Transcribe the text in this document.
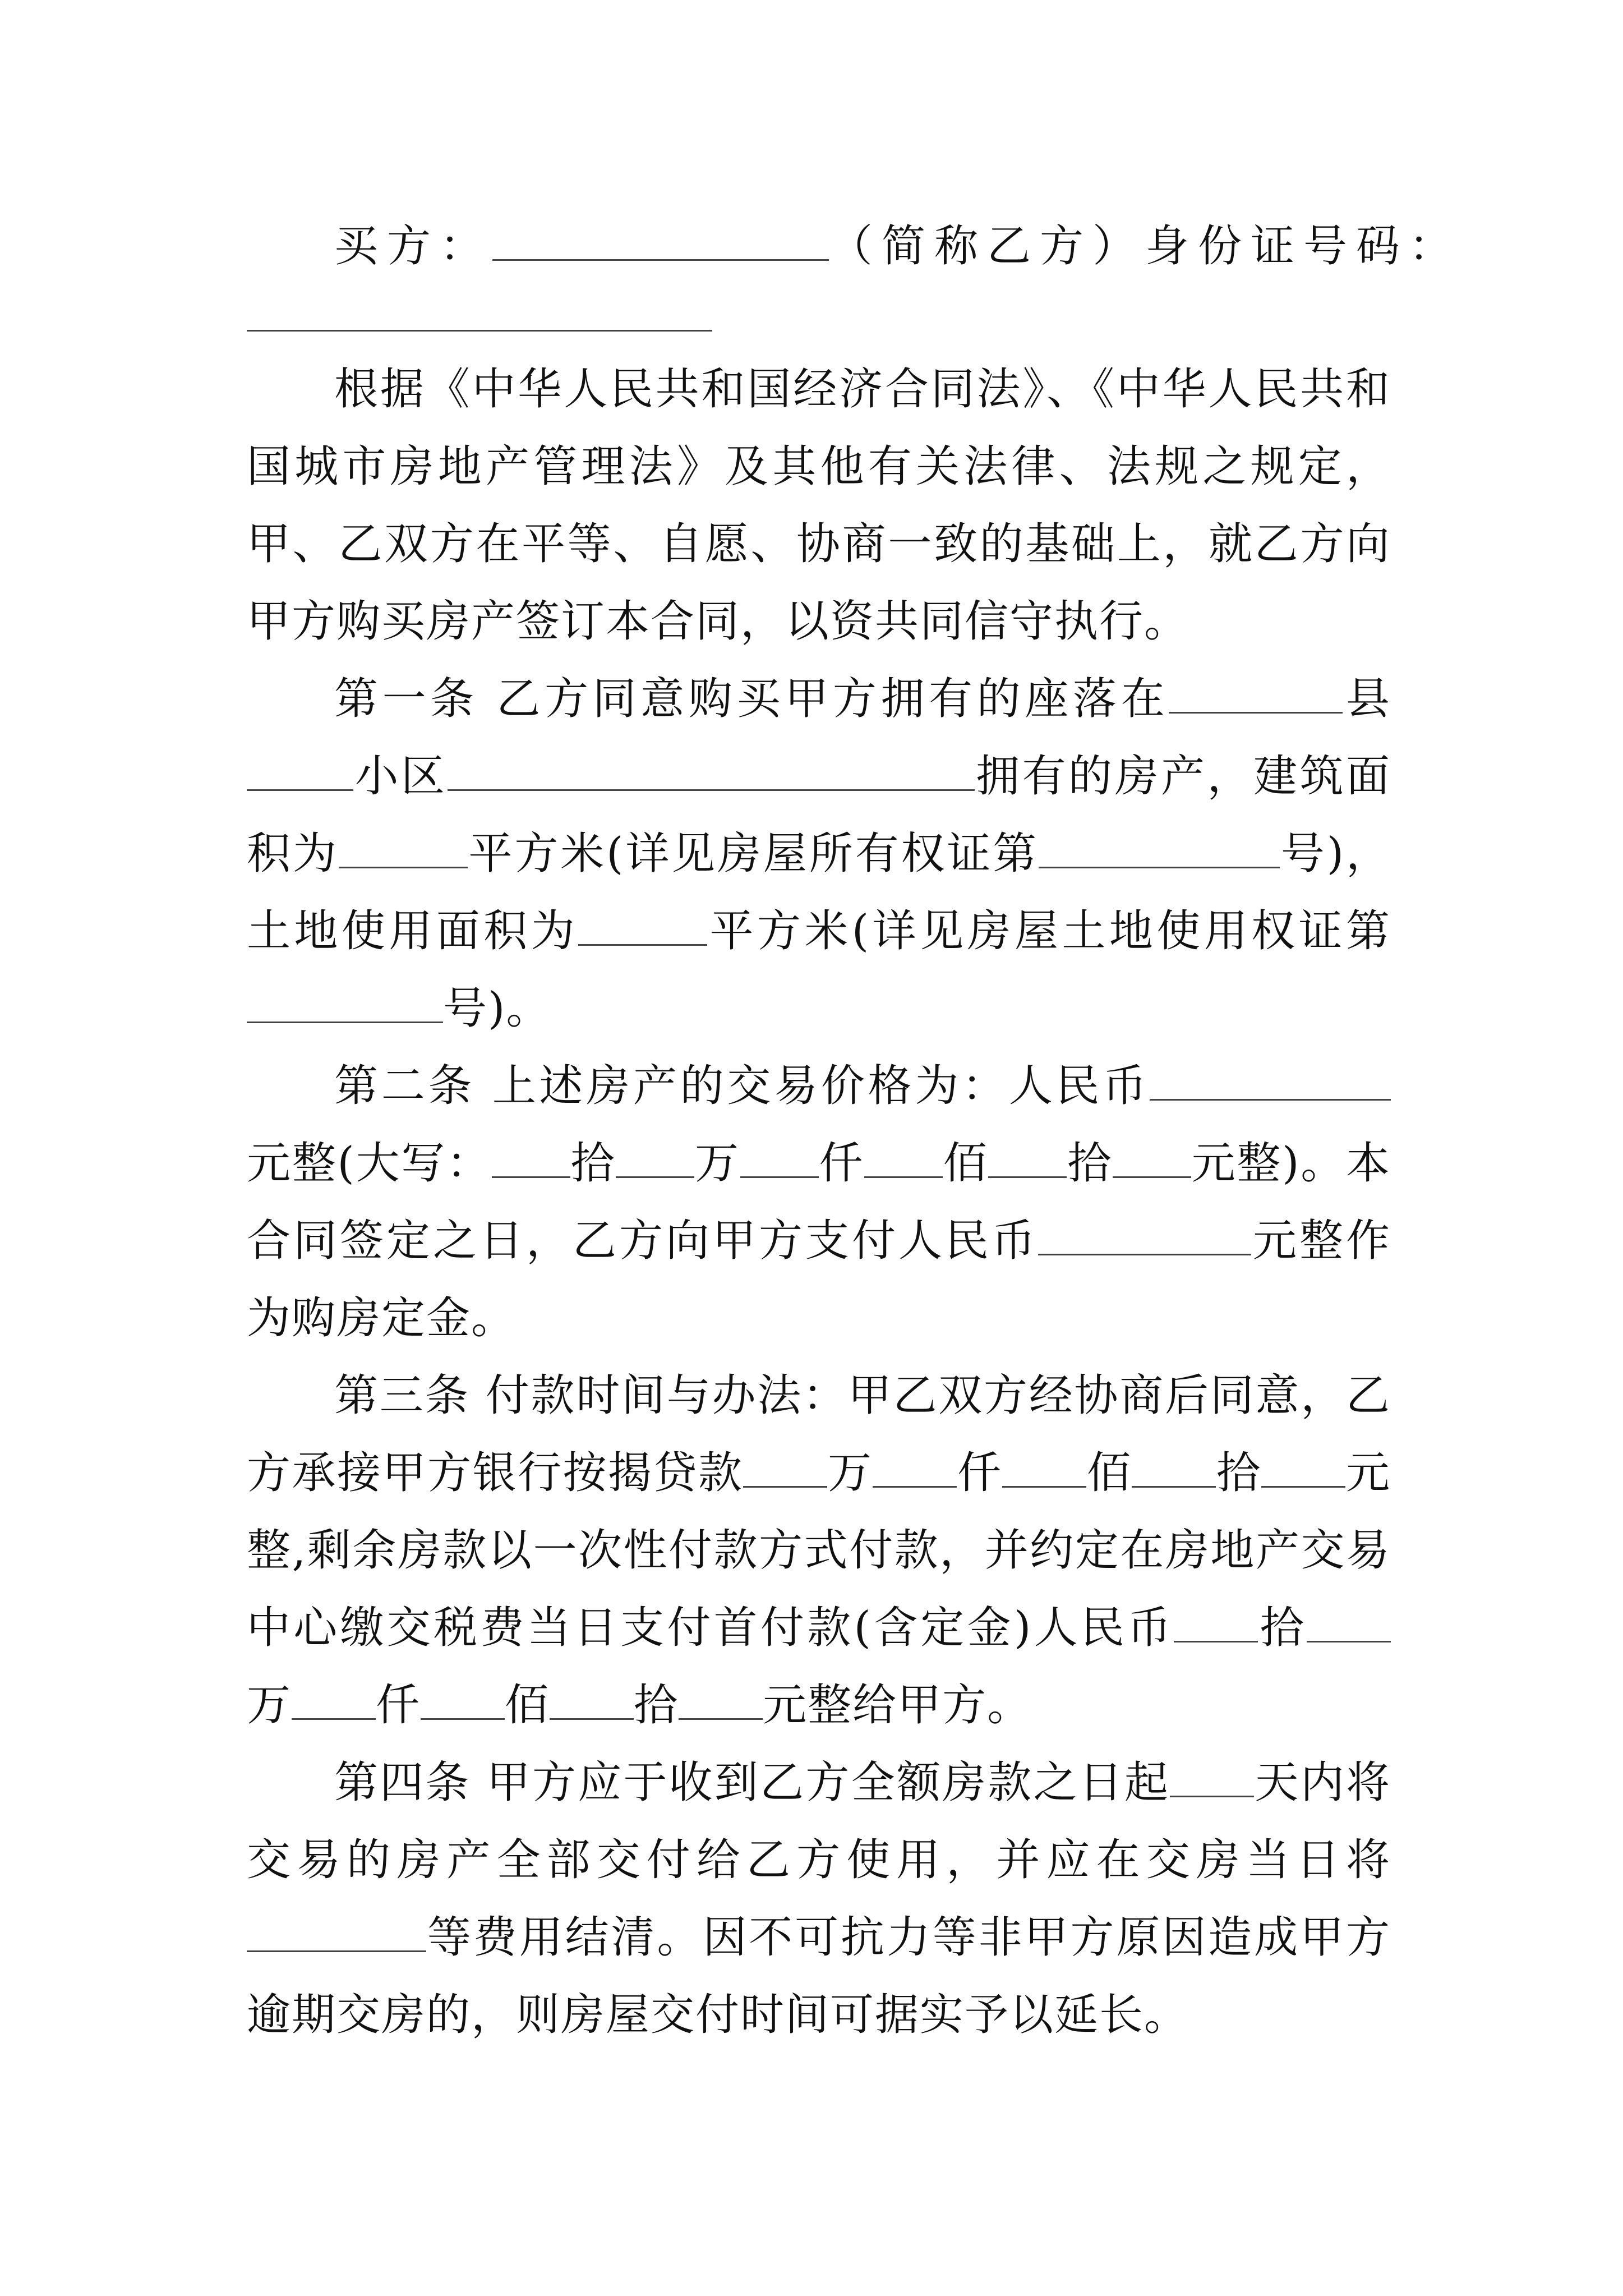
买方：	（简称乙方）身份证号码：

根据《中华人民共和国经济合同法》、《中华人民共和国城市房地产管理法》及其他有关法律、法规之规定，甲、乙双方在平等、自愿、协商一致的基础上，就乙方向甲方购买房产签订本合同，以资共同信守执行。

第一条 乙方同意购买甲方拥有的座落在	县小区	拥有的房产，建筑面积为	平方米(详见房屋所有权证第	号)，土地使用面积为	平方米(详见房屋土地使用权证第号)。

第二条 上述房产的交易价格为：人民币元整(大写： 拾 万 仟 佰 拾 元整)。本合同签定之日，乙方向甲方支付人民币	元整作为购房定金。

第三条 付款时间与办法：甲乙双方经协商后同意，乙方承接甲方银行按揭贷款 万 仟 佰 拾 元整,剩余房款以一次性付款方式付款，并约定在房地产交易中心缴交税费当日支付首付款(含定金)人民币 拾万 仟 佰 拾 元整给甲方。

第四条 甲方应于收到乙方全额房款之日起 天内将交易的房产全部交付给乙方使用，并应在交房当日将等费用结清。因不可抗力等非甲方原因造成甲方逾期交房的，则房屋交付时间可据实予以延长。
